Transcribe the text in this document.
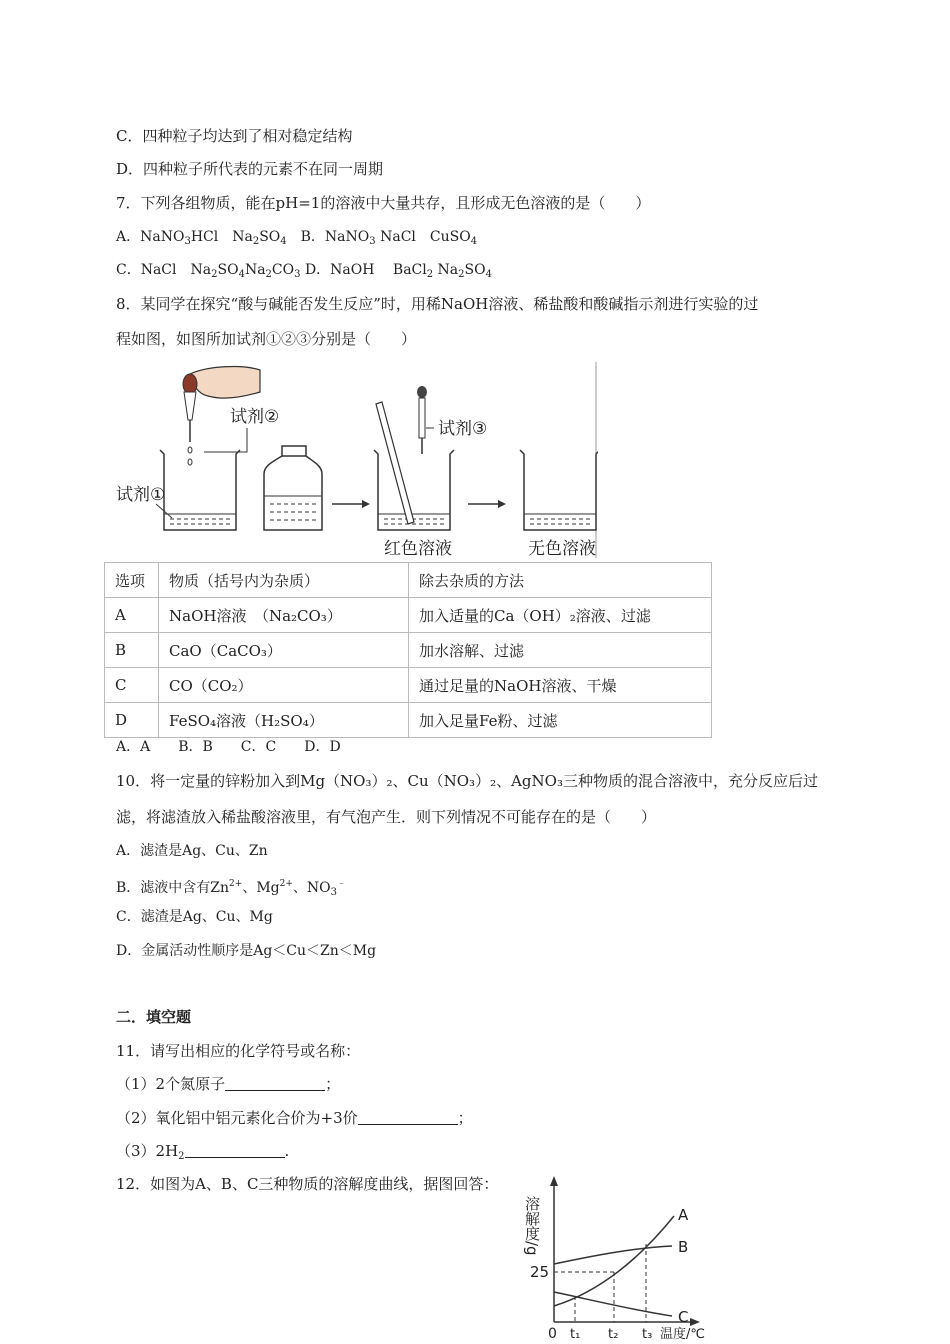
C．四种粒子均达到了相对稳定结构
D．四种粒子所代表的元素不在同一周期
7．下列各组物质，能在pH=1的溶液中大量共存，且形成无色溶液的是（　　）
A．NaNO$_3$HCl　$Na_2SO_4$　B．NaNO$_3$ NaCl　CuSO$_4$
C．NaCl　$Na_2SO_4Na_2CO_3$ D．NaOH　 BaCl$_2$ $Na_2SO_4$
8．某同学在探究“酸与碱能否发生反应”时，用稀NaOH溶液、稀盐酸和酸碱指示剂进行实验的过
程如图，如图所加试剂①②③分别是（　　）
试剂②
试剂①
试剂③
红色溶液	无色溶液
选项	物质（括号内为杂质）	除去杂质的方法
A	NaOH溶液　（Na₂CO₃）	加入适量的Ca（OH）₂溶液、过滤
B	CaO（CaCO₃）	加水溶解、过滤
C	CO（CO₂）	通过足量的NaOH溶液、干燥
D	FeSO₄溶液（H₂SO₄）	加入足量Fe粉、过滤
A．A　　B．B　　C．C　　D．D
10．将一定量的锌粉加入到Mg（NO₃）₂、Cu（NO₃）₂、AgNO₃三种物质的混合溶液中，充分反应后过
滤，将滤渣放入稀盐酸溶液里，有气泡产生．则下列情况不可能存在的是（　　）
A．滤渣是Ag、Cu、Zn
B．滤液中含有$Zn^{2+}$、$Mg^{2+}$、$NO_3^﹣$
C．滤渣是Ag、Cu、Mg
D．金属活动性顺序是Ag＜Cu＜Zn＜Mg
二．填空题
11．请写出相应的化学符号或名称：
（1）2个氮原子	；
（2）氧化铝中铝元素化合价为+3价	；
$(3)2H_2$	.
12．如图为A、B、C三种物质的溶解度曲线，据图回答：
溶解度/g
25
A
B
C
0 t₁ t₂ t₃ 温度/℃
